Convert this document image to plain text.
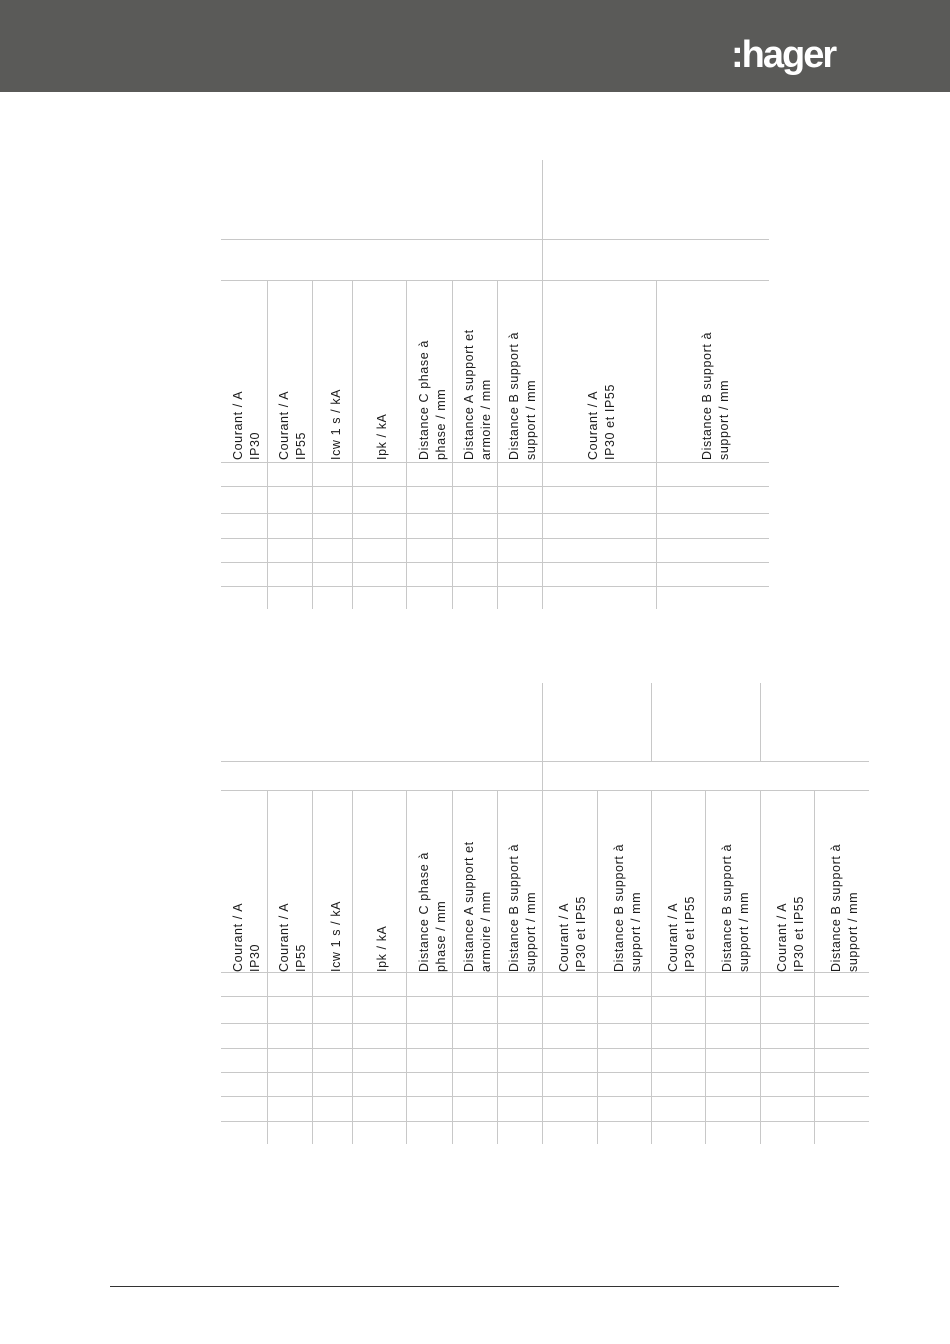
:hager
Courant / A
IP30 Courant / A
IP55 Icw 1 s / kA	Ipk / kA Distance C phase à
phase / mm
Distance A support et
armoire / mm
Distance B support à
support / mm
Courant / A
IP30 et IP55
Distance B support à
support / mm
Courant / A
IP30 Courant / A
IP55 Icw 1 s / kA	Ipk / kA Distance C phase à
phase / mm
Distance A support et
armoire / mm
Distance B support à
support / mm
Courant / A
IP30 et IP55
Distance B support à
support / mm
Courant / A
IP30 et IP55
Distance B support à
support / mm
Courant / A
IP30 et IP55
Distance B support à
support / mm
